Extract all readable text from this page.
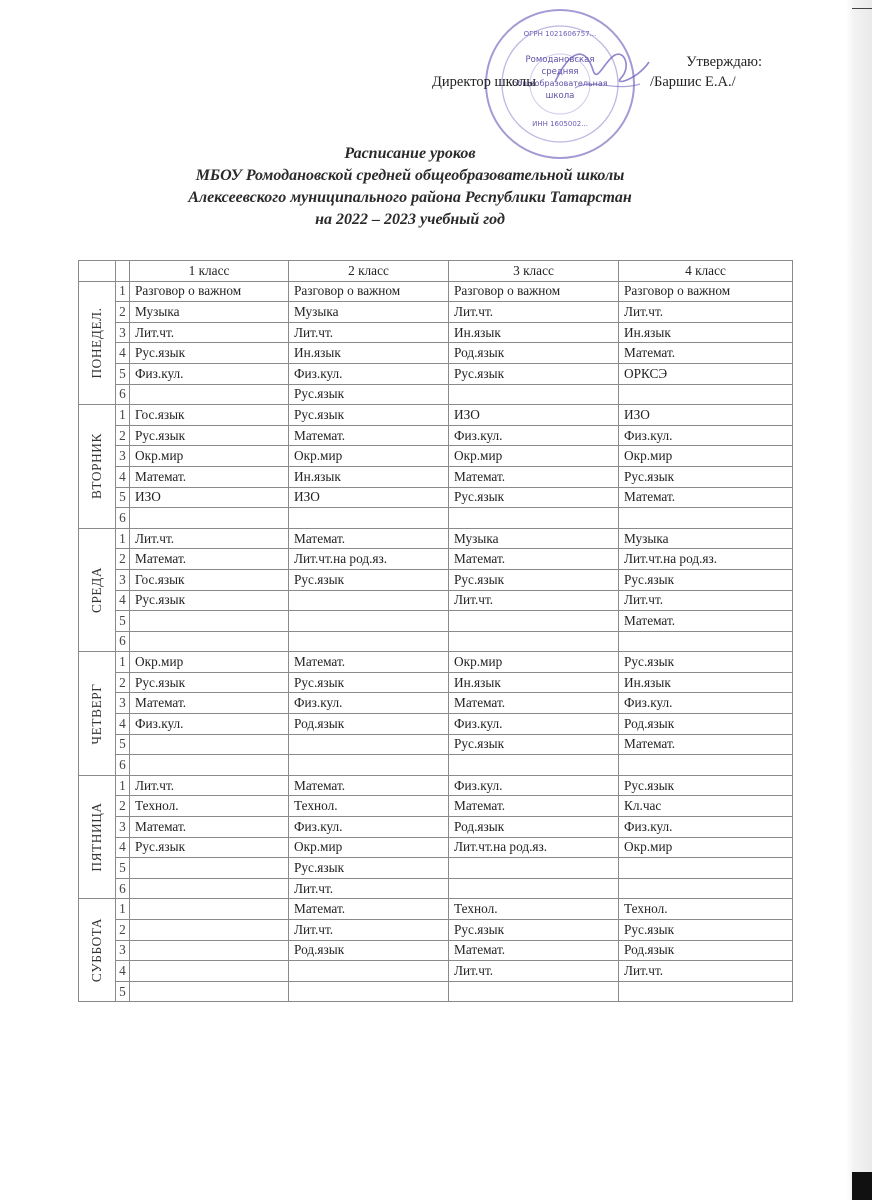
Ромодановская
средняя
общеобразовательная
школа
ОГРН 1021606757...
ИНН 1605002...
Утверждаю:
Директор школы	/Баршис Е.А./
Расписание уроков
МБОУ Ромодановской средней общеобразовательной школы
Алексеевского муниципального района Республики Татарстан
на 2022 – 2023 учебный год
		1 класс	2 класс	3 класс	4 класс

ПОНЕДЕЛ.	1	Разговор о важном	Разговор о важном	Разговор о важном	Разговор о важном
	2	Музыка	Музыка	Лит.чт.	Лит.чт.
	3	Лит.чт.	Лит.чт.	Ин.язык	Ин.язык
	4	Рус.язык	Ин.язык	Род.язык	Математ.
	5	Физ.кул.	Физ.кул.	Рус.язык	ОРКСЭ
	6		Рус.язык		

ВТОРНИК	1	Гос.язык	Рус.язык	ИЗО	ИЗО
	2	Рус.язык	Математ.	Физ.кул.	Физ.кул.
	3	Окр.мир	Окр.мир	Окр.мир	Окр.мир
	4	Математ.	Ин.язык	Математ.	Рус.язык
	5	ИЗО	ИЗО	Рус.язык	Математ.
	6				

СРЕДА	1	Лит.чт.	Математ.	Музыка	Музыка
	2	Математ.	Лит.чт.на род.яз.	Математ.	Лит.чт.на род.яз.
	3	Гос.язык	Рус.язык	Рус.язык	Рус.язык
	4	Рус.язык		Лит.чт.	Лит.чт.
	5				Математ.
	6				

ЧЕТВЕРГ	1	Окр.мир	Математ.	Окр.мир	Рус.язык
	2	Рус.язык	Рус.язык	Ин.язык	Ин.язык
	3	Математ.	Физ.кул.	Математ.	Физ.кул.
	4	Физ.кул.	Род.язык	Физ.кул.	Род.язык
	5			Рус.язык	Математ.
	6				

ПЯТНИЦА	1	Лит.чт.	Математ.	Физ.кул.	Рус.язык
	2	Технол.	Технол.	Математ.	Кл.час
	3	Математ.	Физ.кул.	Род.язык	Физ.кул.
	4	Рус.язык	Окр.мир	Лит.чт.на род.яз.	Окр.мир
	5		Рус.язык		
	6		Лит.чт.		

СУББОТА	1		Математ.	Технол.	Технол.
	2		Лит.чт.	Рус.язык	Рус.язык
	3		Род.язык	Математ.	Род.язык
	4			Лит.чт.	Лит.чт.
	5				
